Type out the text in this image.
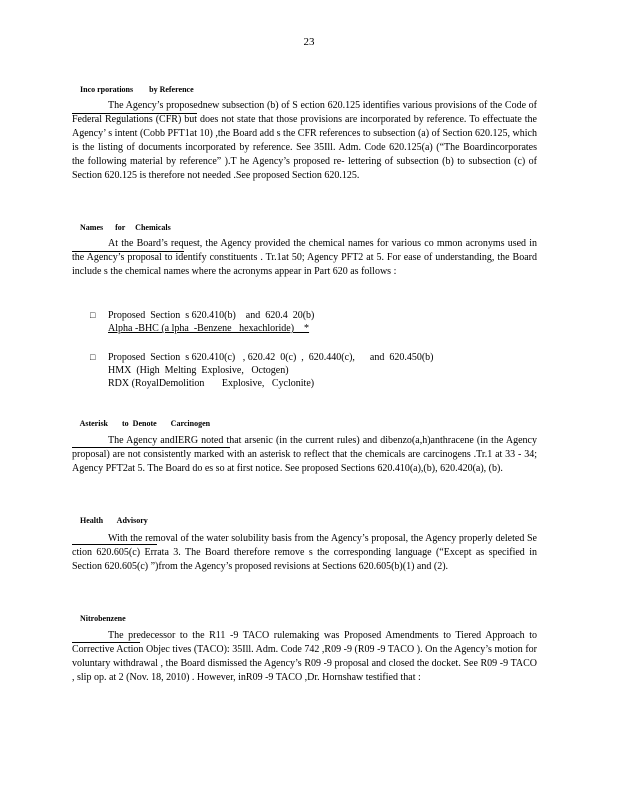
23

Inco rporations        by Reference

The Agency’s proposednew subsection (b) of S ection 620.125 identifies various provisions of the Code of Federal Regulations (CFR) but does not state that those provisions are incorporated by reference. To effectuate the Agency’ s intent (Cobb PFT1at 10) ,the Board add s the CFR references to subsection (a) of Section 620.125, which is the listing of documents incorporated by reference. See 35Ill. Adm. Code 620.125(a) (“The Boardincorporates the following material by reference” ).T he Agency’s proposed re- lettering of subsection (b) to subsection (c) of Section 620.125 is therefore not needed .See proposed Section 620.125.

Names      for     Chemicals

At the Board’s request, the Agency provided the chemical names for various co mmon acronyms used in the Agency’s proposal to identify constituents . Tr.1at 50; Agency PFT2 at 5. For ease of understanding, the Board include s the chemical names where the acronyms appear in Part 620 as follows :
□ Proposed  Section  s 620.410(b)    and  620.4  20(b)
Alpha -BHC (a lpha  -Benzene   hexachloride)    *
□ Proposed  Section  s 620.410(c)   , 620.42  0(c)  ,  620.440(c),      and  620.450(b)
HMX  (High  Melting  Explosive,   Octogen)
RDX (RoyalDemolition       Explosive,   Cyclonite)

Asterisk       to  Denote       Carcinogen

The Agency andIERG noted that arsenic (in the current rules) and dibenzo(a,h)anthracene (in the Agency proposal) are not consistently marked with an asterisk to reflect that the chemicals are carcinogens .Tr.1 at 33 - 34; Agency PFT2at 5. The Board do es so at first notice. See proposed Sections 620.410(a),(b), 620.420(a), (b).

Health       Advisory

With the removal of the water solubility basis from the Agency’s proposal, the Agency properly deleted Se ction 620.605(c) Errata 3. The Board therefore remove s the corresponding language (“Except as specified in Section 620.605(c) ”)from the Agency’s proposed revisions at Sections 620.605(b)(1) and (2).

Nitrobenzene

The predecessor to the R11 -9 TACO rulemaking was Proposed Amendments to Tiered Approach to Corrective Action Objec tives (TACO): 35Ill. Adm. Code 742 ,R09 -9 (R09 -9 TACO ). On the Agency’s motion for voluntary withdrawal , the Board dismissed the Agency’s R09 -9 proposal and closed the docket. See R09 -9 TACO , slip op. at 2 (Nov. 18, 2010) . However, inR09 -9 TACO ,Dr. Hornshaw testified that :
